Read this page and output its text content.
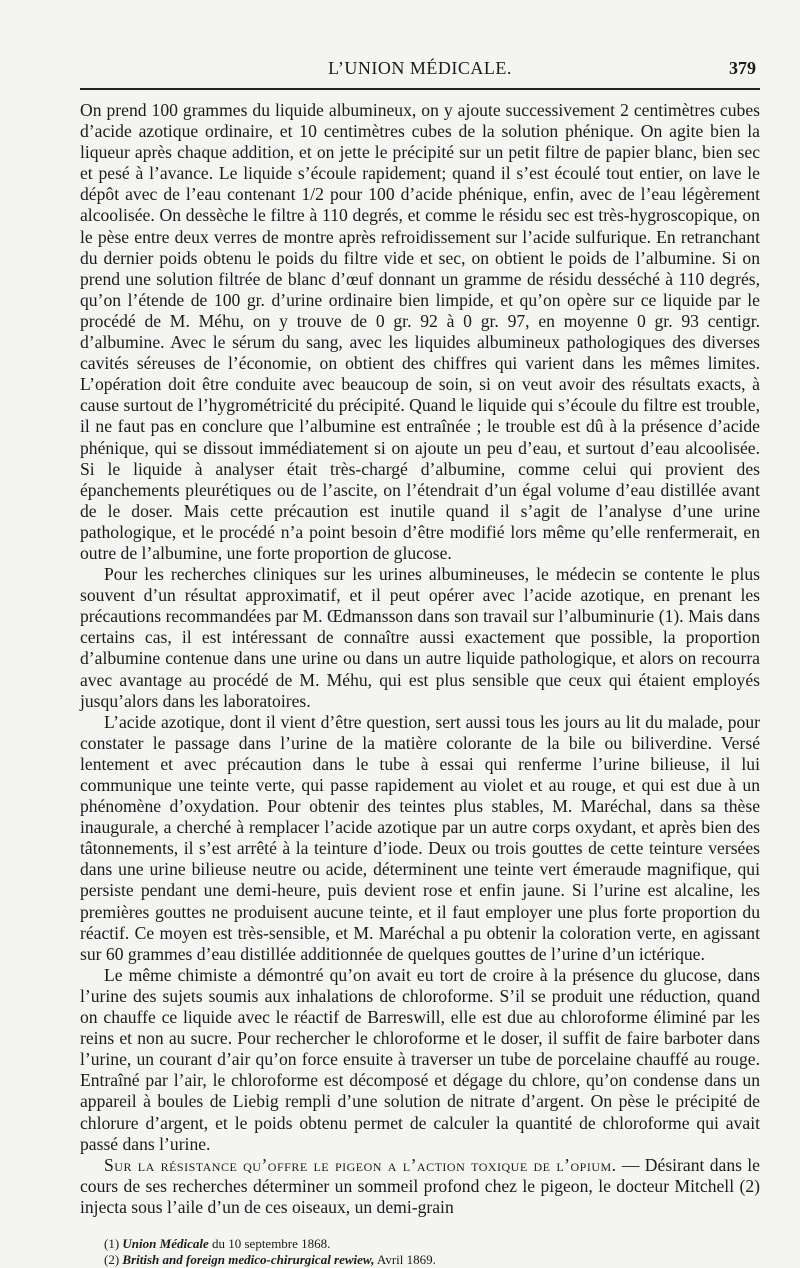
L’UNION MÉDICALE.	379

On prend 100 grammes du liquide albumineux, on y ajoute successivement 2 centimètres cubes d’acide azotique ordinaire, et 10 centimètres cubes de la solution phénique. On agite bien la liqueur après chaque addition, et on jette le précipité sur un petit filtre de papier blanc, bien sec et pesé à l’avance. Le liquide s’écoule rapidement; quand il s’est écoulé tout entier, on lave le dépôt avec de l’eau contenant 1/2 pour 100 d’acide phénique, enfin, avec de l’eau légèrement alcoolisée. On dessèche le filtre à 110 degrés, et comme le résidu sec est très-hygroscopique, on le pèse entre deux verres de montre après refroidissement sur l’acide sulfurique. En retranchant du dernier poids obtenu le poids du filtre vide et sec, on obtient le poids de l’albumine. Si on prend une solution filtrée de blanc d’œuf donnant un gramme de résidu desséché à 110 degrés, qu’on l’étende de 100 gr. d’urine ordinaire bien limpide, et qu’on opère sur ce liquide par le procédé de M. Méhu, on y trouve de 0 gr. 92 à 0 gr. 97, en moyenne 0 gr. 93 centigr. d’albumine. Avec le sérum du sang, avec les liquides albumineux pathologiques des diverses cavités séreuses de l’économie, on obtient des chiffres qui varient dans les mêmes limites. L’opération doit être conduite avec beaucoup de soin, si on veut avoir des résultats exacts, à cause surtout de l’hygrométricité du précipité. Quand le liquide qui s’écoule du filtre est trouble, il ne faut pas en conclure que l’albumine est entraînée ; le trouble est dû à la présence d’acide phénique, qui se dissout immédiatement si on ajoute un peu d’eau, et surtout d’eau alcoolisée. Si le liquide à analyser était très-chargé d’albumine, comme celui qui provient des épanchements pleurétiques ou de l’ascite, on l’étendrait d’un égal volume d’eau distillée avant de le doser. Mais cette précaution est inutile quand il s’agit de l’analyse d’une urine pathologique, et le procédé n’a point besoin d’être modifié lors même qu’elle renfermerait, en outre de l’albumine, une forte proportion de glucose.

Pour les recherches cliniques sur les urines albumineuses, le médecin se contente le plus souvent d’un résultat approximatif, et il peut opérer avec l’acide azotique, en prenant les précautions recommandées par M. Œdmansson dans son travail sur l’albuminurie (1). Mais dans certains cas, il est intéressant de connaître aussi exactement que possible, la proportion d’albumine contenue dans une urine ou dans un autre liquide pathologique, et alors on recourra avec avantage au procédé de M. Méhu, qui est plus sensible que ceux qui étaient employés jusqu’alors dans les laboratoires.

L’acide azotique, dont il vient d’être question, sert aussi tous les jours au lit du malade, pour constater le passage dans l’urine de la matière colorante de la bile ou biliverdine. Versé lentement et avec précaution dans le tube à essai qui renferme l’urine bilieuse, il lui communique une teinte verte, qui passe rapidement au violet et au rouge, et qui est due à un phénomène d’oxydation. Pour obtenir des teintes plus stables, M. Maréchal, dans sa thèse inaugurale, a cherché à remplacer l’acide azotique par un autre corps oxydant, et après bien des tâtonnements, il s’est arrêté à la teinture d’iode. Deux ou trois gouttes de cette teinture versées dans une urine bilieuse neutre ou acide, déterminent une teinte vert émeraude magnifique, qui persiste pendant une demi-heure, puis devient rose et enfin jaune. Si l’urine est alcaline, les premières gouttes ne produisent aucune teinte, et il faut employer une plus forte proportion du réactif. Ce moyen est très-sensible, et M. Maréchal a pu obtenir la coloration verte, en agissant sur 60 grammes d’eau distillée additionnée de quelques gouttes de l’urine d’un ictérique.

Le même chimiste a démontré qu’on avait eu tort de croire à la présence du glucose, dans l’urine des sujets soumis aux inhalations de chloroforme. S’il se produit une réduction, quand on chauffe ce liquide avec le réactif de Barreswill, elle est due au chloroforme éliminé par les reins et non au sucre. Pour rechercher le chloroforme et le doser, il suffit de faire barboter dans l’urine, un courant d’air qu’on force ensuite à traverser un tube de porcelaine chauffé au rouge. Entraîné par l’air, le chloroforme est décomposé et dégage du chlore, qu’on condense dans un appareil à boules de Liebig rempli d’une solution de nitrate d’argent. On pèse le précipité de chlorure d’argent, et le poids obtenu permet de calculer la quantité de chloroforme qui avait passé dans l’urine.

Sur la résistance qu’offre le pigeon a l’action toxique de l’opium. — Désirant dans le cours de ses recherches déterminer un sommeil profond chez le pigeon, le docteur Mitchell (2) injecta sous l’aile d’un de ces oiseaux, un demi-grain

(1) Union Médicale du 10 septembre 1868.
(2) British and foreign medico-chirurgical rewiew, Avril 1869.
